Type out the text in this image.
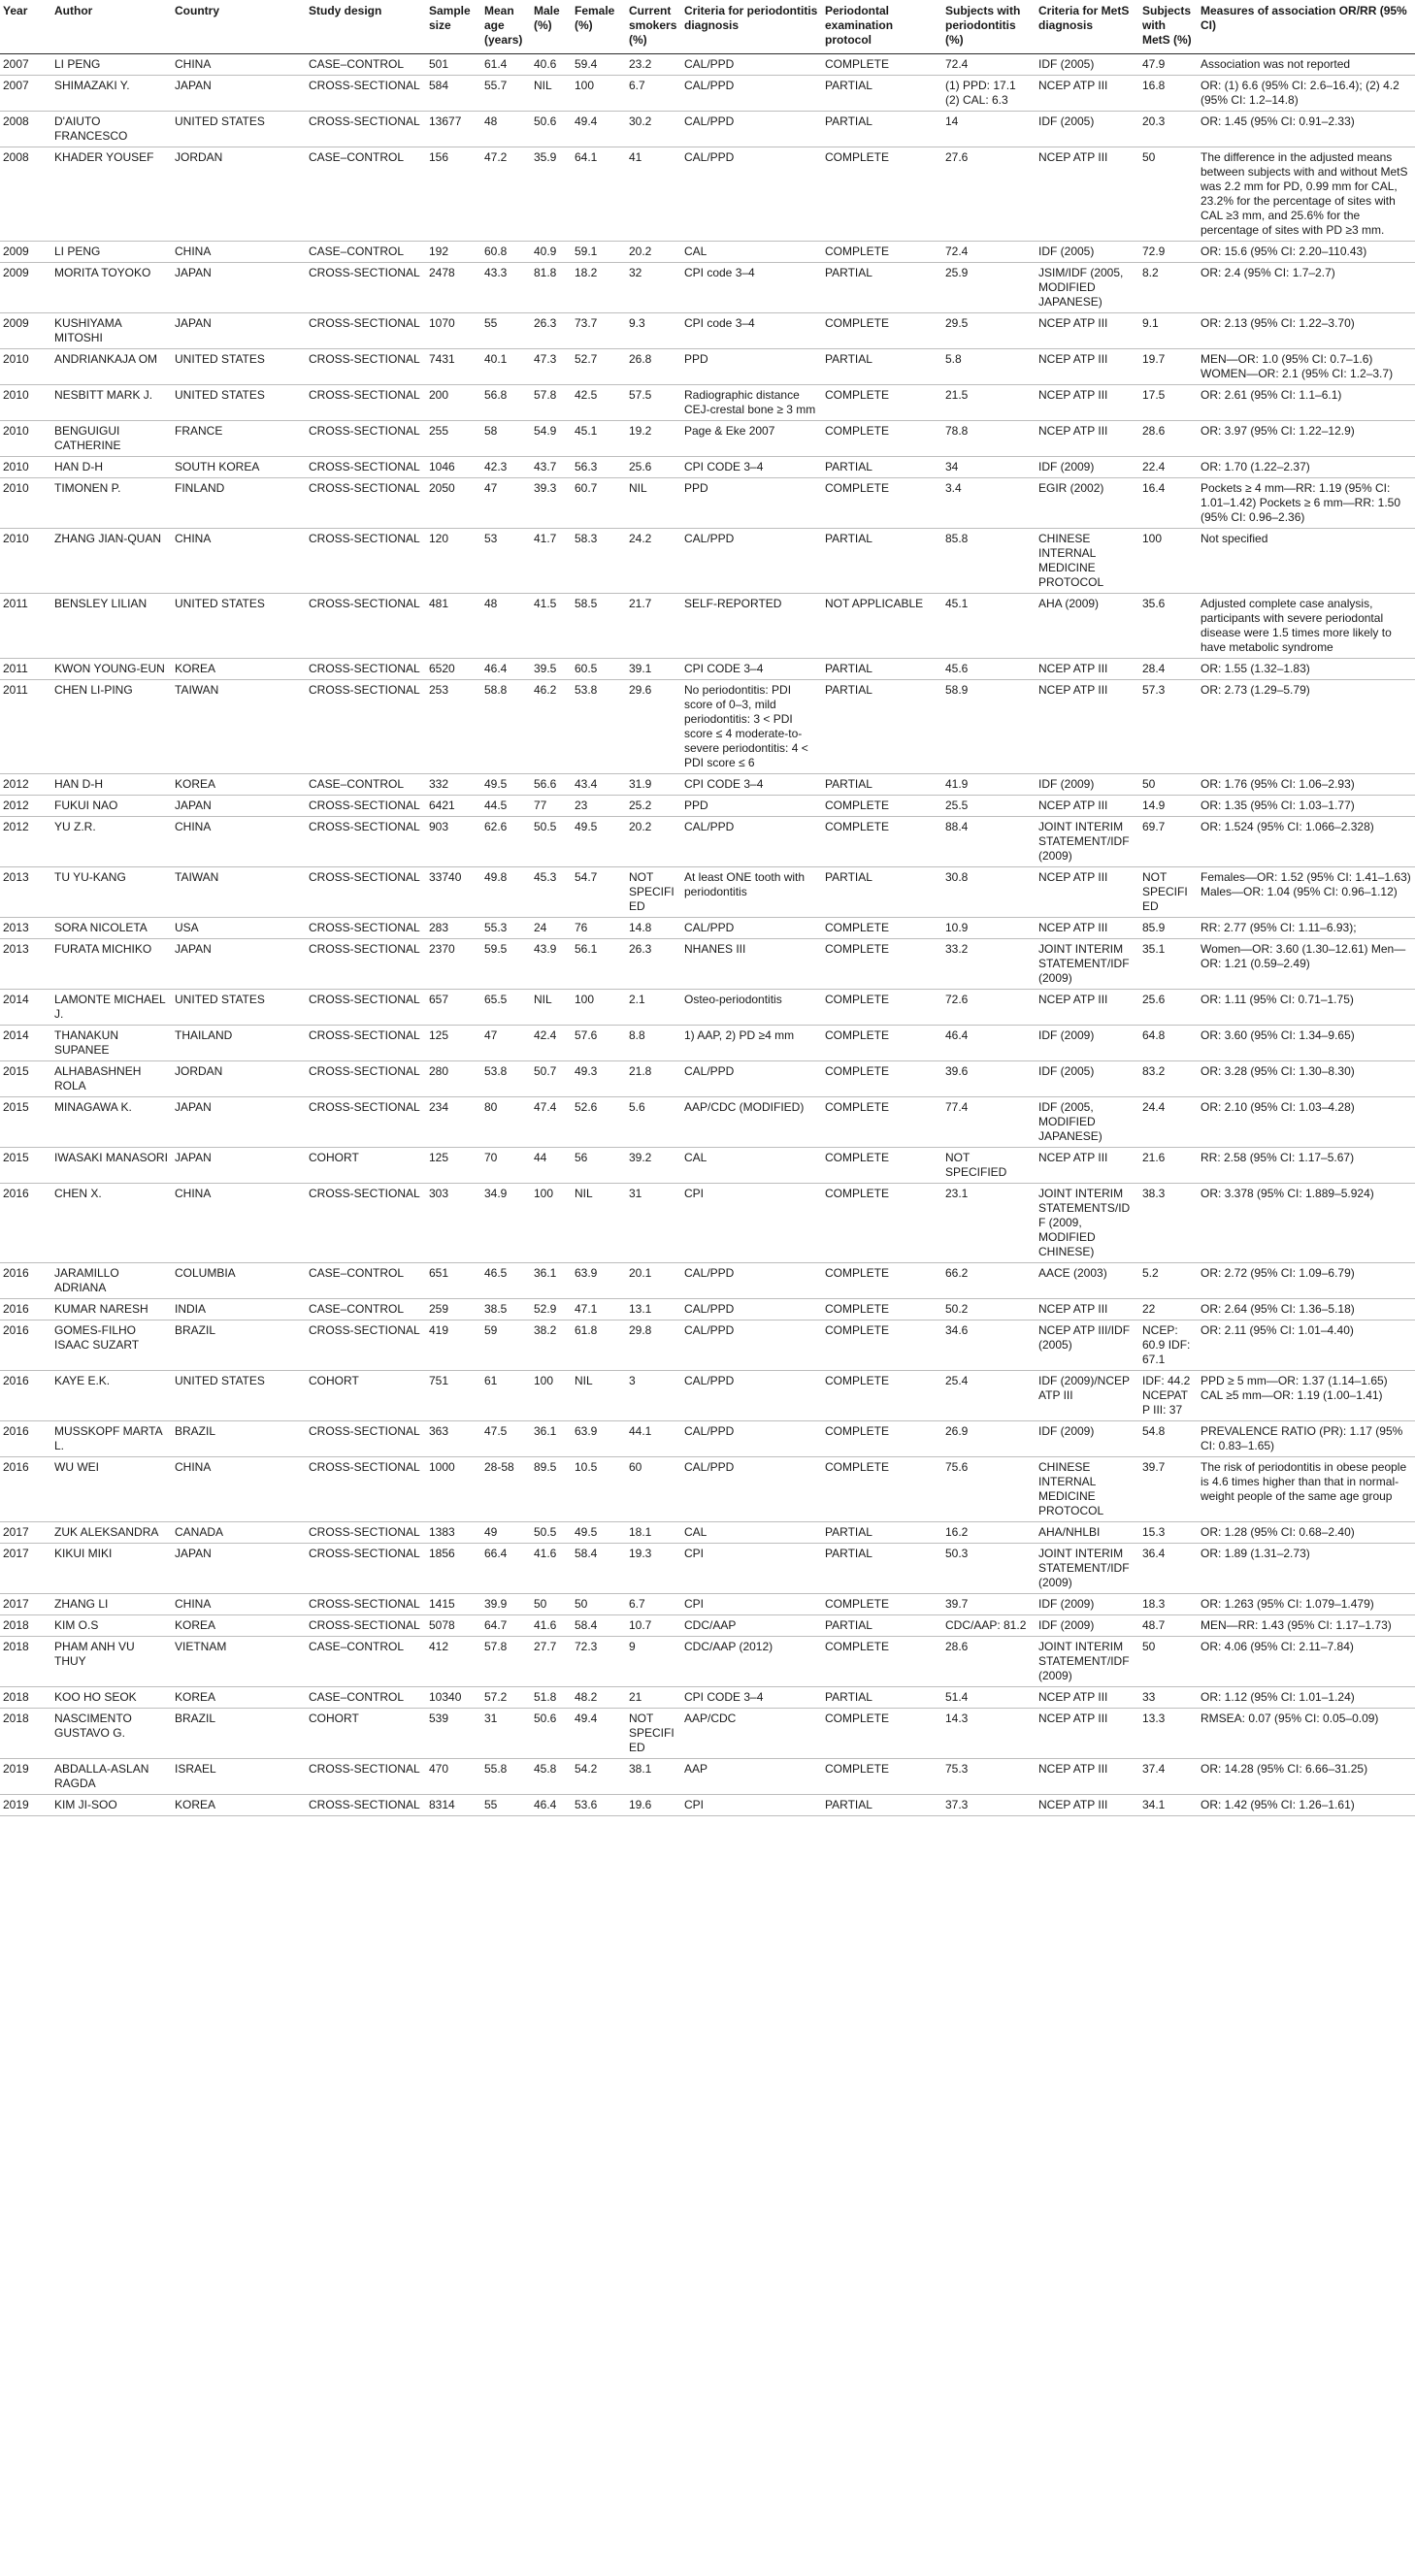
Year	Author	Country	Study design	Sample size	Mean age (years)	Male (%)	Female (%)	Current smokers (%)	Criteria for periodontitis diagnosis	Periodontal examination protocol	Subjects with periodontitis (%)	Criteria for MetS diagnosis	Subjects with MetS (%)	Measures of association OR/RR (95% CI)
2007	LI PENG	CHINA	CASE–CONTROL	501	61.4	40.6	59.4	23.2	CAL/PPD	COMPLETE	72.4	IDF (2005)	47.9	Association was not reported
2007	SHIMAZAKI Y.	JAPAN	CROSS-SECTIONAL	584	55.7	NIL	100	6.7	CAL/PPD	PARTIAL	(1) PPD: 17.1 (2) CAL: 6.3	NCEP ATP III	16.8	OR: (1) 6.6 (95% CI: 2.6–16.4); (2) 4.2 (95% CI: 1.2–14.8)
2008	D'AIUTO FRANCESCO	UNITED STATES	CROSS-SECTIONAL	13677	48	50.6	49.4	30.2	CAL/PPD	PARTIAL	14	IDF (2005)	20.3	OR: 1.45 (95% CI: 0.91–2.33)
2008	KHADER YOUSEF	JORDAN	CASE–CONTROL	156	47.2	35.9	64.1	41	CAL/PPD	COMPLETE	27.6	NCEP ATP III	50	The difference in the adjusted means between subjects with and without MetS was 2.2 mm for PD, 0.99 mm for CAL, 23.2% for the percentage of sites with CAL ≥3 mm, and 25.6% for the percentage of sites with PD ≥3 mm.
2009	LI PENG	CHINA	CASE–CONTROL	192	60.8	40.9	59.1	20.2	CAL	COMPLETE	72.4	IDF (2005)	72.9	OR: 15.6 (95% CI: 2.20–110.43)
2009	MORITA TOYOKO	JAPAN	CROSS-SECTIONAL	2478	43.3	81.8	18.2	32	CPI code 3–4	PARTIAL	25.9	JSIM/IDF (2005, MODIFIED JAPANESE)	8.2	OR: 2.4 (95% CI: 1.7–2.7)
2009	KUSHIYAMA MITOSHI	JAPAN	CROSS-SECTIONAL	1070	55	26.3	73.7	9.3	CPI code 3–4	COMPLETE	29.5	NCEP ATP III	9.1	OR: 2.13 (95% CI: 1.22–3.70)
2010	ANDRIANKAJA OM	UNITED STATES	CROSS-SECTIONAL	7431	40.1	47.3	52.7	26.8	PPD	PARTIAL	5.8	NCEP ATP III	19.7	MEN—OR: 1.0 (95% CI: 0.7–1.6) WOMEN—OR: 2.1 (95% CI: 1.2–3.7)
2010	NESBITT MARK J.	UNITED STATES	CROSS-SECTIONAL	200	56.8	57.8	42.5	57.5	Radiographic distance CEJ-crestal bone ≥ 3 mm	COMPLETE	21.5	NCEP ATP III	17.5	OR: 2.61 (95% CI: 1.1–6.1)
2010	BENGUIGUI CATHERINE	FRANCE	CROSS-SECTIONAL	255	58	54.9	45.1	19.2	Page & Eke 2007	COMPLETE	78.8	NCEP ATP III	28.6	OR: 3.97 (95% CI: 1.22–12.9)
2010	HAN D-H	SOUTH KOREA	CROSS-SECTIONAL	1046	42.3	43.7	56.3	25.6	CPI CODE 3–4	PARTIAL	34	IDF (2009)	22.4	OR: 1.70 (1.22–2.37)
2010	TIMONEN P.	FINLAND	CROSS-SECTIONAL	2050	47	39.3	60.7	NIL	PPD	COMPLETE	3.4	EGIR (2002)	16.4	Pockets ≥ 4 mm—RR: 1.19 (95% CI: 1.01–1.42) Pockets ≥ 6 mm—RR: 1.50 (95% CI: 0.96–2.36)
2010	ZHANG JIAN-QUAN	CHINA	CROSS-SECTIONAL	120	53	41.7	58.3	24.2	CAL/PPD	PARTIAL	85.8	CHINESE INTERNAL MEDICINE PROTOCOL	100	Not specified
2011	BENSLEY LILIAN	UNITED STATES	CROSS-SECTIONAL	481	48	41.5	58.5	21.7	SELF-REPORTED	NOT APPLICABLE	45.1	AHA (2009)	35.6	Adjusted complete case analysis, participants with severe periodontal disease were 1.5 times more likely to have metabolic syndrome
2011	KWON YOUNG-EUN	KOREA	CROSS-SECTIONAL	6520	46.4	39.5	60.5	39.1	CPI CODE 3–4	PARTIAL	45.6	NCEP ATP III	28.4	OR: 1.55 (1.32–1.83)
2011	CHEN LI-PING	TAIWAN	CROSS-SECTIONAL	253	58.8	46.2	53.8	29.6	No periodontitis: PDI score of 0–3, mild periodontitis: 3 < PDI score ≤ 4 moderate-to-severe periodontitis: 4 < PDI score ≤ 6	PARTIAL	58.9	NCEP ATP III	57.3	OR: 2.73 (1.29–5.79)
2012	HAN D-H	KOREA	CASE–CONTROL	332	49.5	56.6	43.4	31.9	CPI CODE 3–4	PARTIAL	41.9	IDF (2009)	50	OR: 1.76 (95% CI: 1.06–2.93)
2012	FUKUI NAO	JAPAN	CROSS-SECTIONAL	6421	44.5	77	23	25.2	PPD	COMPLETE	25.5	NCEP ATP III	14.9	OR: 1.35 (95% CI: 1.03–1.77)
2012	YU Z.R.	CHINA	CROSS-SECTIONAL	903	62.6	50.5	49.5	20.2	CAL/PPD	COMPLETE	88.4	JOINT INTERIM STATEMENT/IDF (2009)	69.7	OR: 1.524 (95% CI: 1.066–2.328)
2013	TU YU-KANG	TAIWAN	CROSS-SECTIONAL	33740	49.8	45.3	54.7	NOT SPECIFIED	At least ONE tooth with periodontitis	PARTIAL	30.8	NCEP ATP III	NOT SPECIFIED	Females—OR: 1.52 (95% CI: 1.41–1.63) Males—OR: 1.04 (95% CI: 0.96–1.12)
2013	SORA NICOLETA	USA	CROSS-SECTIONAL	283	55.3	24	76	14.8	CAL/PPD	COMPLETE	10.9	NCEP ATP III	85.9	RR: 2.77 (95% CI: 1.11–6.93);
2013	FURATA MICHIKO	JAPAN	CROSS-SECTIONAL	2370	59.5	43.9	56.1	26.3	NHANES III	COMPLETE	33.2	JOINT INTERIM STATEMENT/IDF (2009)	35.1	Women—OR: 3.60 (1.30–12.61) Men—OR: 1.21 (0.59–2.49)
2014	LAMONTE MICHAEL J.	UNITED STATES	CROSS-SECTIONAL	657	65.5	NIL	100	2.1	Osteo-periodontitis	COMPLETE	72.6	NCEP ATP III	25.6	OR: 1.11 (95% CI: 0.71–1.75)
2014	THANAKUN SUPANEE	THAILAND	CROSS-SECTIONAL	125	47	42.4	57.6	8.8	1) AAP, 2) PD ≥4 mm	COMPLETE	46.4	IDF (2009)	64.8	OR: 3.60 (95% CI: 1.34–9.65)
2015	ALHABASHNEH ROLA	JORDAN	CROSS-SECTIONAL	280	53.8	50.7	49.3	21.8	CAL/PPD	COMPLETE	39.6	IDF (2005)	83.2	OR: 3.28 (95% CI: 1.30–8.30)
2015	MINAGAWA K.	JAPAN	CROSS-SECTIONAL	234	80	47.4	52.6	5.6	AAP/CDC (MODIFIED)	COMPLETE	77.4	IDF (2005, MODIFIED JAPANESE)	24.4	OR: 2.10 (95% CI: 1.03–4.28)
2015	IWASAKI MANASORI	JAPAN	COHORT	125	70	44	56	39.2	CAL	COMPLETE	NOT SPECIFIED	NCEP ATP III	21.6	RR: 2.58 (95% CI: 1.17–5.67)
2016	CHEN X.	CHINA	CROSS-SECTIONAL	303	34.9	100	NIL	31	CPI	COMPLETE	23.1	JOINT INTERIM STATEMENTS/IDF (2009, MODIFIED CHINESE)	38.3	OR: 3.378 (95% CI: 1.889–5.924)
2016	JARAMILLO ADRIANA	COLUMBIA	CASE–CONTROL	651	46.5	36.1	63.9	20.1	CAL/PPD	COMPLETE	66.2	AACE (2003)	5.2	OR: 2.72 (95% CI: 1.09–6.79)
2016	KUMAR NARESH	INDIA	CASE–CONTROL	259	38.5	52.9	47.1	13.1	CAL/PPD	COMPLETE	50.2	NCEP ATP III	22	OR: 2.64 (95% CI: 1.36–5.18)
2016	GOMES-FILHO ISAAC SUZART	BRAZIL	CROSS-SECTIONAL	419	59	38.2	61.8	29.8	CAL/PPD	COMPLETE	34.6	NCEP ATP III/IDF (2005)	NCEP: 60.9 IDF: 67.1	OR: 2.11 (95% CI: 1.01–4.40)
2016	KAYE E.K.	UNITED STATES	COHORT	751	61	100	NIL	3	CAL/PPD	COMPLETE	25.4	IDF (2009)/NCEP ATP III	IDF: 44.2 NCEPATP III: 37	PPD ≥ 5 mm—OR: 1.37 (1.14–1.65) CAL ≥5 mm—OR: 1.19 (1.00–1.41)
2016	MUSSKOPF MARTA L.	BRAZIL	CROSS-SECTIONAL	363	47.5	36.1	63.9	44.1	CAL/PPD	COMPLETE	26.9	IDF (2009)	54.8	PREVALENCE RATIO (PR): 1.17 (95% CI: 0.83–1.65)
2016	WU WEI	CHINA	CROSS-SECTIONAL	1000	28-58	89.5	10.5	60	CAL/PPD	COMPLETE	75.6	CHINESE INTERNAL MEDICINE PROTOCOL	39.7	The risk of periodontitis in obese people is 4.6 times higher than that in normal-weight people of the same age group
2017	ZUK ALEKSANDRA	CANADA	CROSS-SECTIONAL	1383	49	50.5	49.5	18.1	CAL	PARTIAL	16.2	AHA/NHLBI	15.3	OR: 1.28 (95% CI: 0.68–2.40)
2017	KIKUI MIKI	JAPAN	CROSS-SECTIONAL	1856	66.4	41.6	58.4	19.3	CPI	PARTIAL	50.3	JOINT INTERIM STATEMENT/IDF (2009)	36.4	OR: 1.89 (1.31–2.73)
2017	ZHANG LI	CHINA	CROSS-SECTIONAL	1415	39.9	50	50	6.7	CPI	COMPLETE	39.7	IDF (2009)	18.3	OR: 1.263 (95% CI: 1.079–1.479)
2018	KIM O.S	KOREA	CROSS-SECTIONAL	5078	64.7	41.6	58.4	10.7	CDC/AAP	PARTIAL	CDC/AAP: 81.2	IDF (2009)	48.7	MEN—RR: 1.43 (95% CI: 1.17–1.73)
2018	PHAM ANH VU THUY	VIETNAM	CASE–CONTROL	412	57.8	27.7	72.3	9	CDC/AAP (2012)	COMPLETE	28.6	JOINT INTERIM STATEMENT/IDF (2009)	50	OR: 4.06 (95% CI: 2.11–7.84)
2018	KOO HO SEOK	KOREA	CASE–CONTROL	10340	57.2	51.8	48.2	21	CPI CODE 3–4	PARTIAL	51.4	NCEP ATP III	33	OR: 1.12 (95% CI: 1.01–1.24)
2018	NASCIMENTO GUSTAVO G.	BRAZIL	COHORT	539	31	50.6	49.4	NOT SPECIFIED	AAP/CDC	COMPLETE	14.3	NCEP ATP III	13.3	RMSEA: 0.07 (95% CI: 0.05–0.09)
2019	ABDALLA-ASLAN RAGDA	ISRAEL	CROSS-SECTIONAL	470	55.8	45.8	54.2	38.1	AAP	COMPLETE	75.3	NCEP ATP III	37.4	OR: 14.28 (95% CI: 6.66–31.25)
2019	KIM JI-SOO	KOREA	CROSS-SECTIONAL	8314	55	46.4	53.6	19.6	CPI	PARTIAL	37.3	NCEP ATP III	34.1	OR: 1.42 (95% CI: 1.26–1.61)
